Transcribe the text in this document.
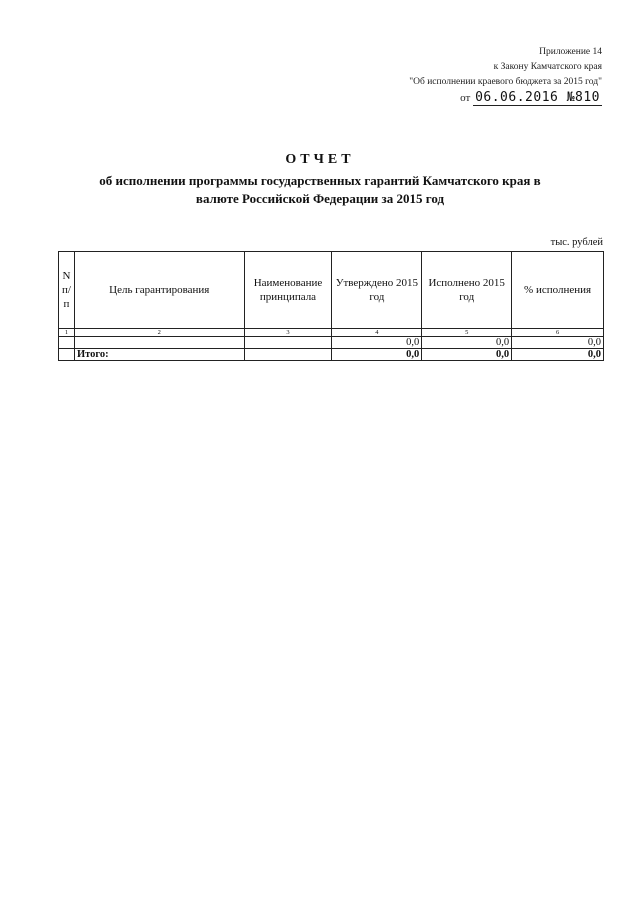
Приложение 14
к Закону Камчатского края
"Об исполнении краевого бюджета за 2015 год"
от 06.06.2016 №810
ОТЧЕТ
об исполнении программы государственных гарантий Камчатского края в валюте Российской Федерации за 2015 год
тыс. рублей
N п/п	Цель гарантирования	Наименование принципала	Утверждено 2015 год	Исполнено 2015 год	% исполнения
1	2	3	4	5	6
			0,0	0,0	0,0
	Итого:		0,0	0,0	0,0
